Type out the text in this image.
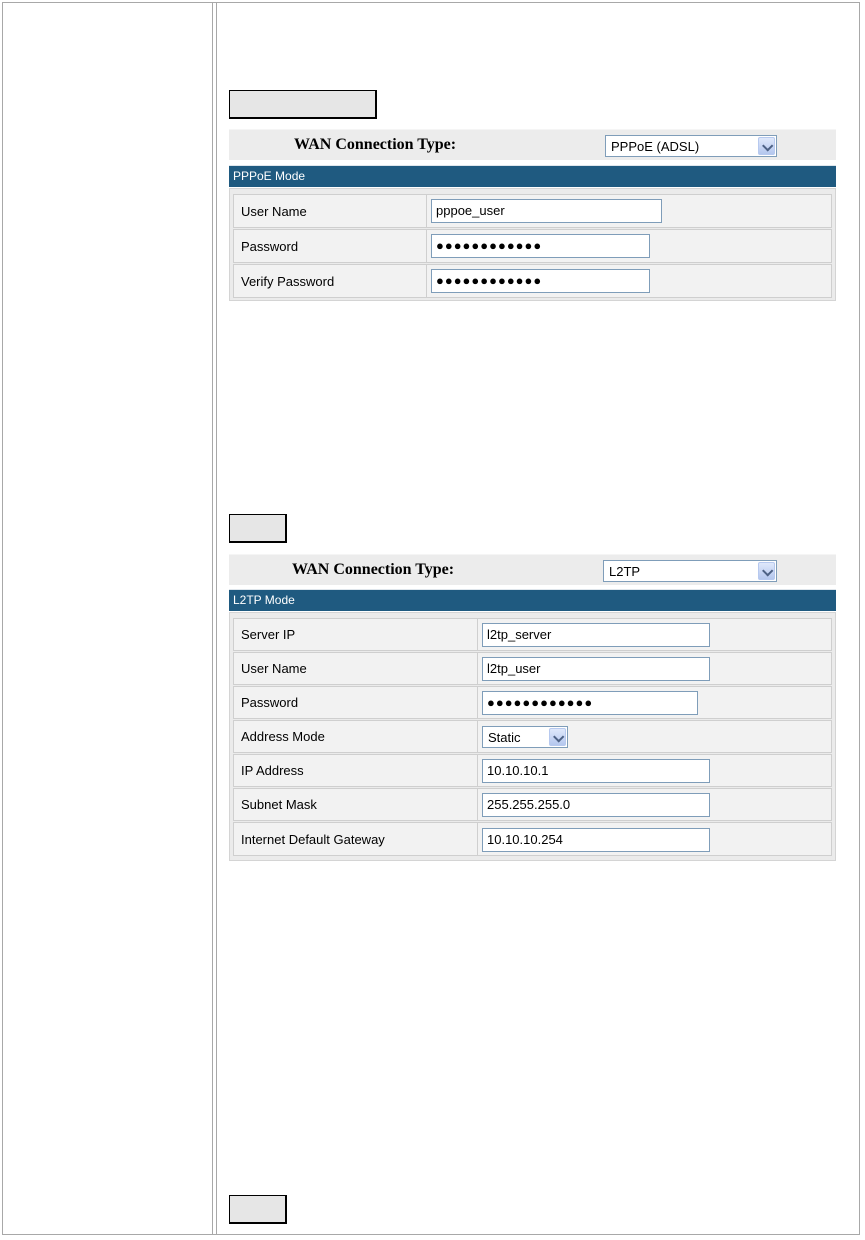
WAN Connection Type:	PPPoE (ADSL)
PPPoE Mode
User Name	pppoe_user
Password	●●●●●●●●●●●●
Verify Password	●●●●●●●●●●●●
WAN Connection Type:	L2TP
L2TP Mode
Server IP	l2tp_server
User Name	l2tp_user
Password	●●●●●●●●●●●●
Address Mode	Static
IP Address	10.10.10.1
Subnet Mask	255.255.255.0
Internet Default Gateway	10.10.10.254
